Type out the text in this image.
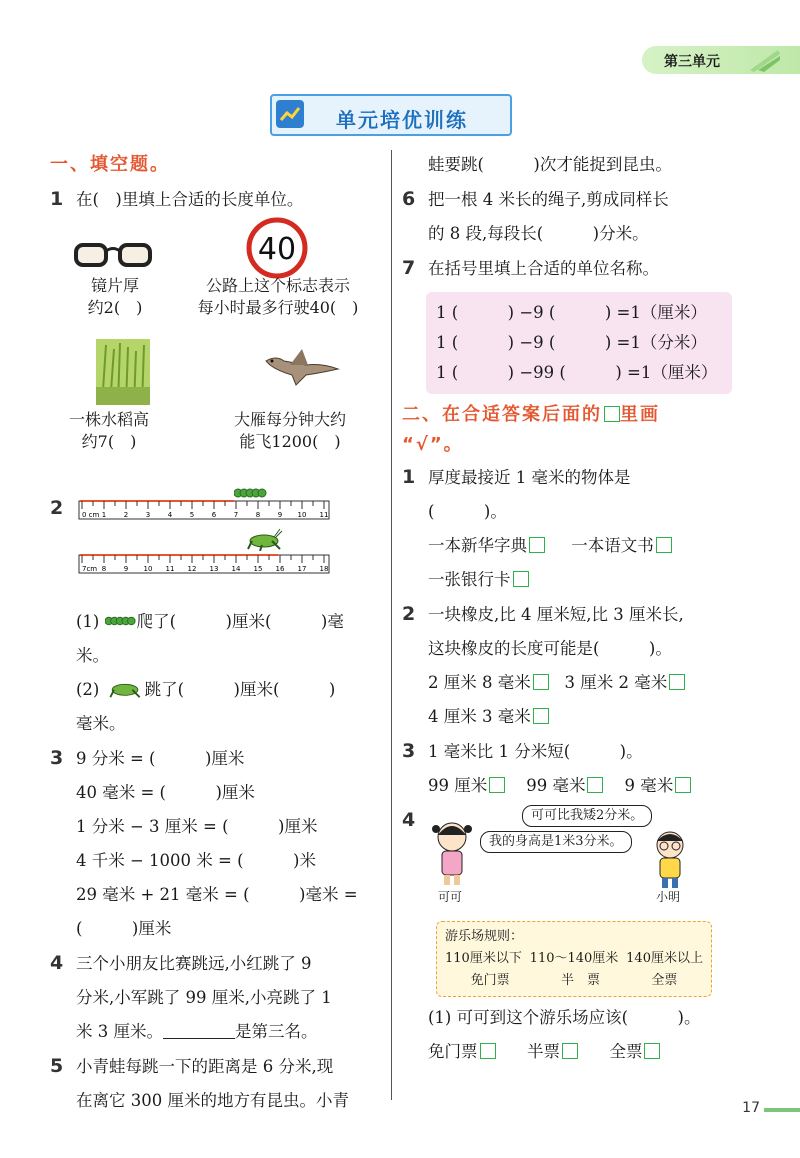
第三单元
单元培优训练
一、填空题。
1 在(　)里填上合适的长度单位。
40
镜片厚
约2(　)
公路上这个标志表示
每小时最多行驶40(　)
一株水稻高
约7(　)
大雁每分钟大约
能飞1200(　)
2	0 cm 1	2	3	4	5	6	7	8	9 10 11
7cm 8	9 10 11 12 13 14 15 16 17 18
(1) 爬了(　　　)厘米(　　　)毫
米。
(2)	跳了(　　　)厘米(　　　)
毫米。
3 9 分米 = (　　　)厘米
40 毫米 = (　　　)厘米
1 分米 − 3 厘米 = (　　　)厘米
4 千米 − 1000 米 = (　　　)米
29 毫米 + 21 毫米 = (　　　)毫米 =
(　　　)厘米
4 三个小朋友比赛跳远,小红跳了 9
分米,小军跳了 99 厘米,小亮跳了 1
米 3 厘米。	是第三名。
5 小青蛙每跳一下的距离是 6 分米,现
在离它 300 厘米的地方有昆虫。小青
蛙要跳(　　　)次才能捉到昆虫。
6 把一根 4 米长的绳子,剪成同样长
的 8 段,每段长(　　　)分米。
7 在括号里填上合适的单位名称。
1 (　　　) −9 (　　　) =1（厘米）
1 (　　　) −9 (　　　) =1（分米）
1 (　　　) −99 (　　　) =1（厘米）
二、在合适答案后面的 里画
“√”。
1 厚度最接近 1 毫米的物体是
(　　　)。
一本新华字典	一本语文书
一张银行卡
2 一块橡皮,比 4 厘米短,比 3 厘米长,
这块橡皮的长度可能是(　　　)。
2 厘米 8 毫米 3 厘米 2 毫米
4 厘米 3 毫米
3 1 毫米比 1 分米短(　　　)。
99 厘米 99 毫米 9 毫米
4	可可比我矮2分米。
我的身高是1米3分米。
可可	小明
游乐场规则：
110厘米以下 110～140厘米 140厘米以上
免门票	半　票	全票
(1) 可可到这个游乐场应该(　　　)。
免门票	半票	全票
17
